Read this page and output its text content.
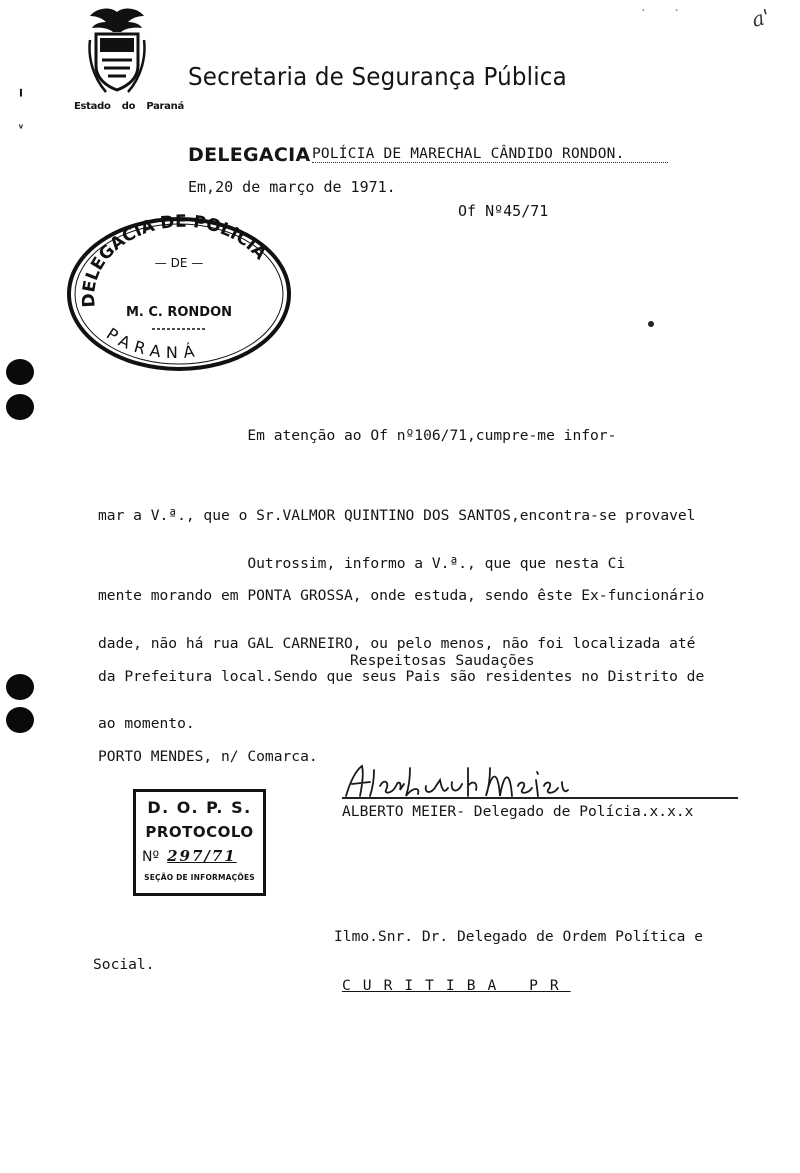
Estado do Paraná
Secretaria de Segurança Pública
a'
· ·
╹
ᵛ
DELEGACIA POLÍCIA DE MARECHAL CÂNDIDO RONDON.
Em,20 de março de 1971.
Of Nº45/71
DELEGACIA DE POLICIA
— DE —
M. C. RONDON
PARANÁ

Em atenção ao Of nº106/71,cumpre-me infor-

mar a V.ª., que o Sr.VALMOR QUINTINO DOS SANTOS,encontra-se provavel

mente morando em PONTA GROSSA, onde estuda, sendo êste Ex-funcionário

da Prefeitura local.Sendo que seus Pais são residentes no Distrito de

PORTO MENDES, n/ Comarca.

Outrossim, informo a V.ª., que que nesta Ci

dade, não há rua GAL CARNEIRO, ou pelo menos, não foi localizada até

ao momento.

Respeitosas Saudações
ALBERTO MEIER- Delegado de Polícia.x.x.x
D. O. P. S.
PROTOCOLO
Nº 297/71
SEÇÃO DE INFORMAÇÕES
Ilmo.Snr. Dr. Delegado de Ordem Política e
Social.
CURITIBA PR
